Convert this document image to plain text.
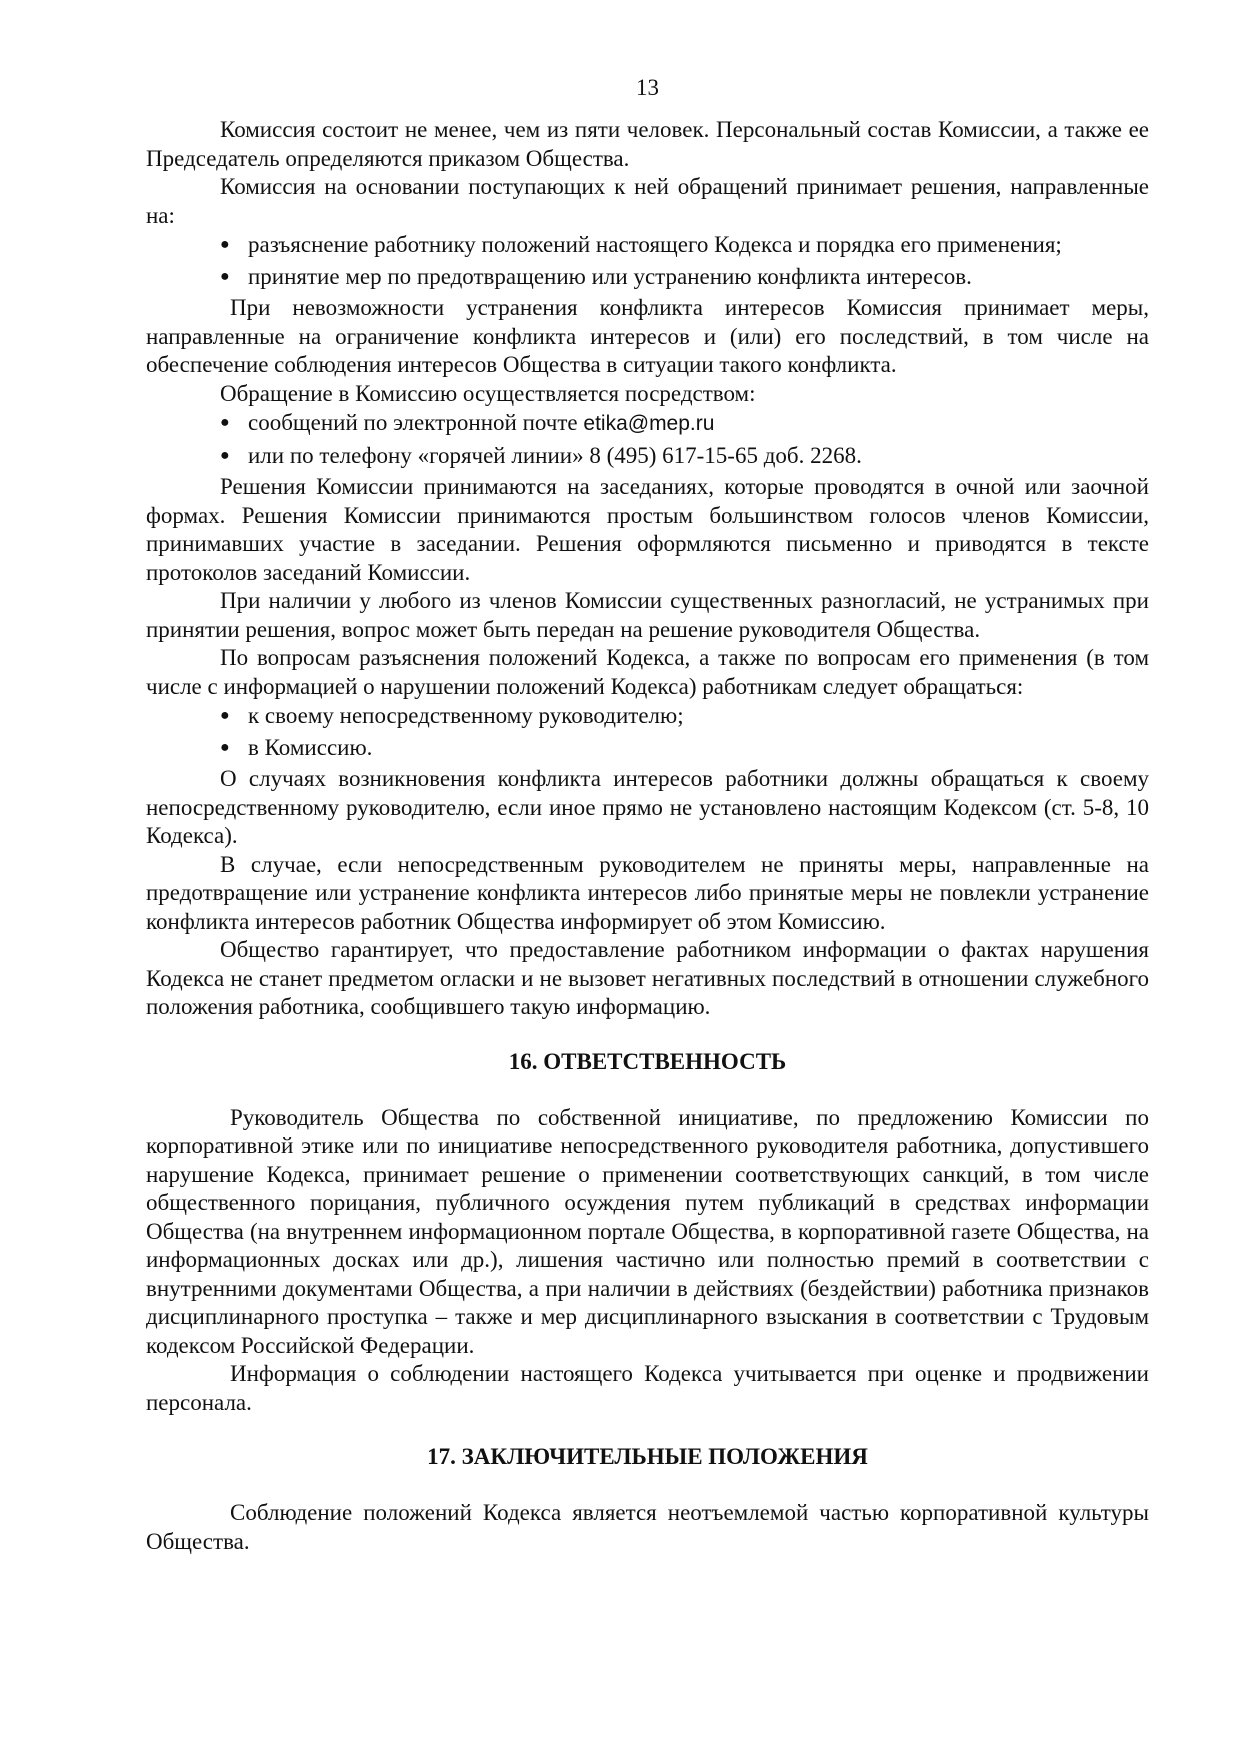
13

Комиссия состоит не менее, чем из пяти человек. Персональный состав Комиссии, а также ее Председатель определяются приказом Общества.

Комиссия на основании поступающих к ней обращений принимает решения, направленные на:

● разъяснение работнику положений настоящего Кодекса и порядка его применения;
● принятие мер по предотвращению или устранению конфликта интересов.

При невозможности устранения конфликта интересов Комиссия принимает меры, направленные на ограничение конфликта интересов и (или) его последствий, в том числе на обеспечение соблюдения интересов Общества в ситуации такого конфликта.

Обращение в Комиссию осуществляется посредством:

● сообщений по электронной почте etika@mep.ru
● или по телефону «горячей линии» 8 (495) 617-15-65 доб. 2268.

Решения Комиссии принимаются на заседаниях, которые проводятся в очной или заочной формах. Решения Комиссии принимаются простым большинством голосов членов Комиссии, принимавших участие в заседании. Решения оформляются письменно и приводятся в тексте протоколов заседаний Комиссии.

При наличии у любого из членов Комиссии существенных разногласий, не устранимых при принятии решения, вопрос может быть передан на решение руководителя Общества.

По вопросам разъяснения положений Кодекса, а также по вопросам его применения (в том числе с информацией о нарушении положений Кодекса) работникам следует обращаться:

● к своему непосредственному руководителю;
● в Комиссию.

О случаях возникновения конфликта интересов работники должны обращаться к своему непосредственному руководителю, если иное прямо не установлено настоящим Кодексом (ст. 5-8, 10 Кодекса).

В случае, если непосредственным руководителем не приняты меры, направленные на предотвращение или устранение конфликта интересов либо принятые меры не повлекли устранение конфликта интересов работник Общества информирует об этом Комиссию.

Общество гарантирует, что предоставление работником информации о фактах нарушения Кодекса не станет предметом огласки и не вызовет негативных последствий в отношении служебного положения работника, сообщившего такую информацию.

16. ОТВЕТСТВЕННОСТЬ

Руководитель Общества по собственной инициативе, по предложению Комиссии по корпоративной этике или по инициативе непосредственного руководителя работника, допустившего нарушение Кодекса, принимает решение о применении соответствующих санкций, в том числе общественного порицания, публичного осуждения путем публикаций в средствах информации Общества (на внутреннем информационном портале Общества, в корпоративной газете Общества, на информационных досках или др.), лишения частично или полностью премий в соответствии с внутренними документами Общества, а при наличии в действиях (бездействии) работника признаков дисциплинарного проступка – также и мер дисциплинарного взыскания в соответствии с Трудовым кодексом Российской Федерации.

Информация о соблюдении настоящего Кодекса учитывается при оценке и продвижении персонала.

17. ЗАКЛЮЧИТЕЛЬНЫЕ ПОЛОЖЕНИЯ

Соблюдение положений Кодекса является неотъемлемой частью корпоративной культуры Общества.
